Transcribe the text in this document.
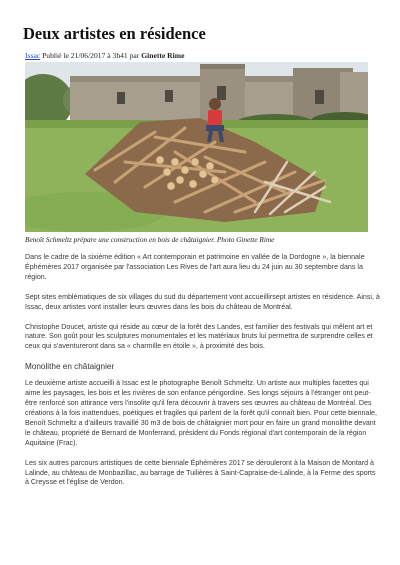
Deux artistes en résidence
Issac Publié le 21/06/2017 à 3h41 par Ginette Rime
Benoît Schmeltz prépare une construction en bois de châtaignier. Photo Ginette Rime

Dans le cadre de la sixième édition « Art contemporain et patrimoine en vallée de la Dordogne », la biennale Éphémères 2017 organisée par l'association Les Rives de l'art aura lieu du 24 juin au 30 septembre dans la région.

Sept sites emblématiques de six villages du sud du département vont accueillirsept artistes en résidence. Ainsi, à Issac, deux artistes vont installer leurs œuvres dans les bois du château de Montréal.

Christophe Doucet, artiste qui réside au cœur de la forêt des Landes, est familier des festivals qui mêlent art et nature. Son goût pour les sculptures monumentales et les matériaux bruts lui permettra de surprendre celles et ceux qui s'aventureront dans sa « charmille en étoile », à proximité des bois.

Monolithe en châtaignier

Le deuxième artiste accueilli à Issac est le photographe Benoît Schmeltz. Un artiste aux multiples facettes qui aime les paysages, les bois et les rivières de son enfance périgordine. Ses longs séjours à l'étranger ont peut-être renforcé son attirance vers l'insolite qu'il fera découvrir à travers ses œuvres au château de Montréal. Des créations à la fois inattendues, poétiques et fragiles qui parlent de la forêt qu'il connaît bien. Pour cette biennale, Benoît Schmeltz a d'ailleurs travaillé 30 m3 de bois de châtaignier mort pour en faire un grand monolithe devant le château, propriété de Bernard de Monferrand, président du Fonds régional d'art contemporain de la région Aquitaine (Frac).

Les six autres parcours artistiques de cette biennale Éphémères 2017 se dérouleront à la Maison de Montard à Lalinde, au château de Monbazillac, au barrage de Tuilières à Saint-Capraise-de-Lalinde, à la Ferme des sports à Creysse et l'église de Verdon.
